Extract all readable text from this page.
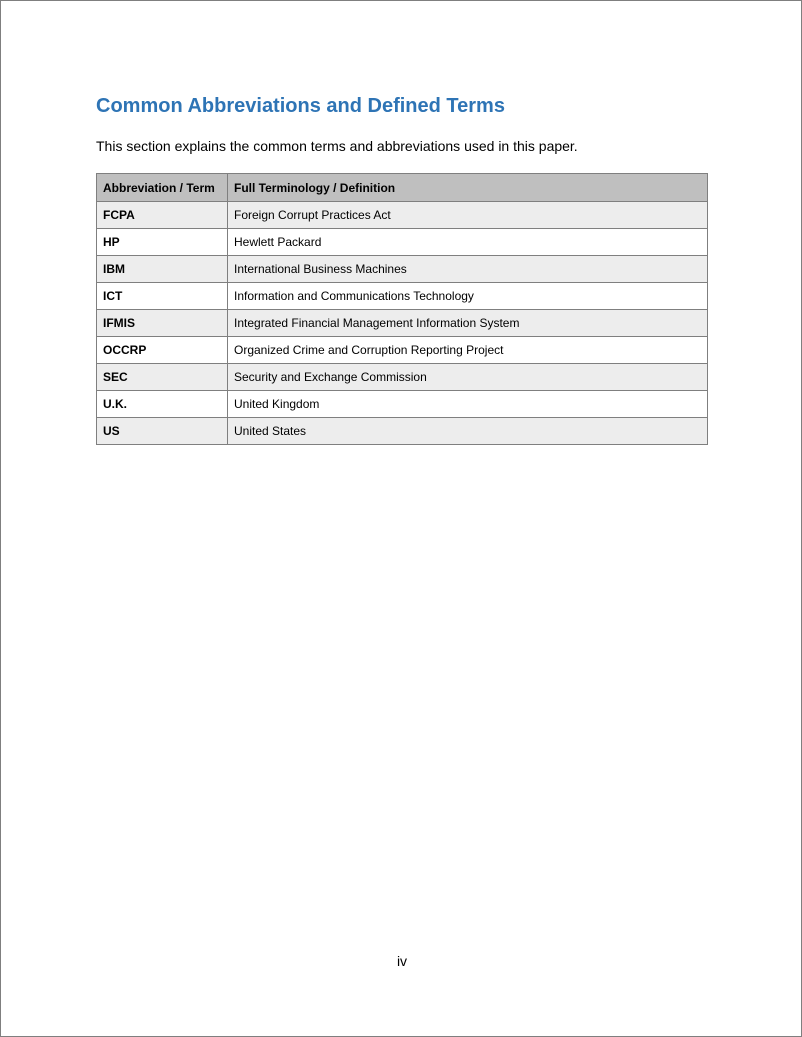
Common Abbreviations and Defined Terms
This section explains the common terms and abbreviations used in this paper.
Abbreviation / Term	Full Terminology / Definition
FCPA	Foreign Corrupt Practices Act
HP	Hewlett Packard
IBM	International Business Machines
ICT	Information and Communications Technology
IFMIS	Integrated Financial Management Information System
OCCRP	Organized Crime and Corruption Reporting Project
SEC	Security and Exchange Commission
U.K.	United Kingdom
US	United States
iv
